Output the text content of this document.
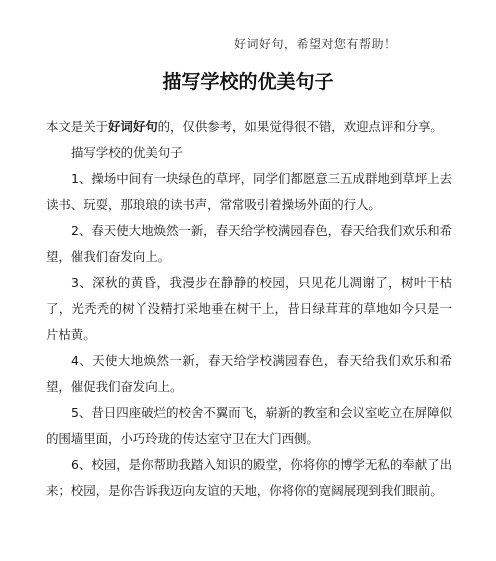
好词好句，希望对您有帮助！
描写学校的优美句子

本文是关于好词好句的，仅供参考，如果觉得很不错，欢迎点评和分享。

描写学校的优美句子

1、操场中间有一块绿色的草坪，同学们都愿意三五成群地到草坪上去读书、玩耍，那琅琅的读书声，常常吸引着操场外面的行人。

2、春天使大地焕然一新，春天给学校满园春色，春天给我们欢乐和希望，催我们奋发向上。

3、深秋的黄昏，我漫步在静静的校园，只见花儿凋谢了，树叶干枯了，光秃秃的树丫没精打采地垂在树干上，昔日绿茸茸的草地如今只是一片枯黄。

4、天使大地焕然一新，春天给学校满园春色，春天给我们欢乐和希望，催促我们奋发向上。

5、昔日四座破烂的校舍不翼而飞，崭新的教室和会议室屹立在屏障似的围墙里面，小巧玲珑的传达室守卫在大门西侧。

6、校园，是你帮助我踏入知识的殿堂，你将你的博学无私的奉献了出来；校园，是你告诉我迈向友谊的天地，你将你的宽阔展现到我们眼前。
